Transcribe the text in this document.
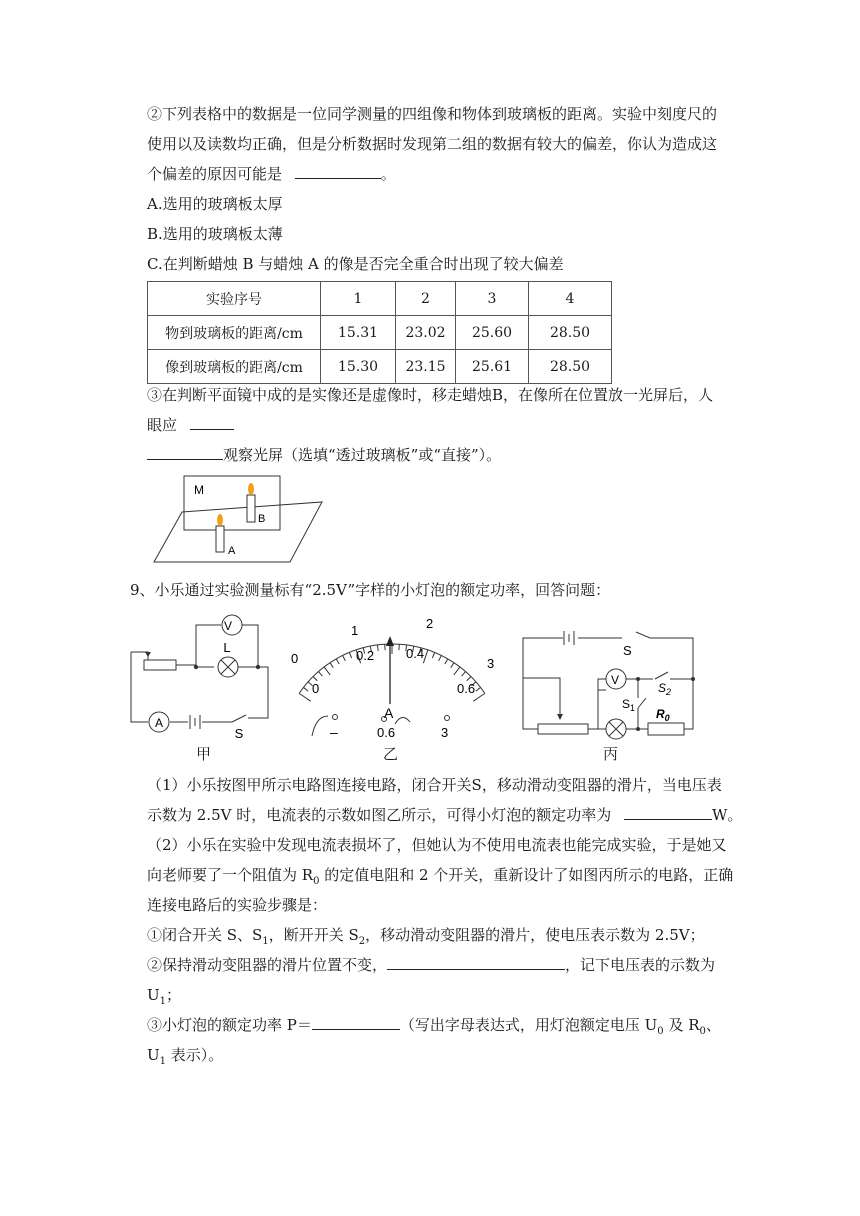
②下列表格中的数据是一位同学测量的四组像和物体到玻璃板的距离。实验中刻度尺的
使用以及读数均正确，但是分析数据时发现第二组的数据有较大的偏差，你认为造成这
个偏差的原因可能是	。
A.选用的玻璃板太厚
B.选用的玻璃板太薄
C.在判断蜡烛 B 与蜡烛 A 的像是否完全重合时出现了较大偏差
实验序号	1	2	3	4
物到玻璃板的距离/cm	15.31	23.02	25.60	28.50
像到玻璃板的距离/cm	15.30	23.15	25.61	28.50
③在判断平面镜中成的是实像还是虚像时，移走蜡烛B，在像所在位置放一光屏后，人
眼应
观察光屏（选填“透过玻璃板”或“直接”）。
M
B
A
9、小乐通过实验测量标有“2.5V”字样的小灯泡的额定功率，回答问题：
V
A
L
S
甲
0
1	2
3
0
0.2 0.4
0.6
A
–	0.6	3
乙
S
V
$S_2$
$S_1$ $R_0$
丙
（1）小乐按图甲所示电路图连接电路，闭合开关S，移动滑动变阻器的滑片，当电压表
示数为 2.5V 时，电流表的示数如图乙所示，可得小灯泡的额定功率为	W。
（2）小乐在实验中发现电流表损坏了，但她认为不使用电流表也能完成实验，于是她又
向老师要了一个阻值为 $R_0$ 的定值电阻和 2 个开关，重新设计了如图丙所示的电路，正确
连接电路后的实验步骤是：
①闭合开关 S、$S_1$，断开开关 $S_2$，移动滑动变阻器的滑片，使电压表示数为 2.5V；
②保持滑动变阻器的滑片位置不变，	，记下电压表的示数为
$U_1$；
③小灯泡的额定功率 P＝	（写出字母表达式，用灯泡额定电压 $U_0$ 及 $R_0$、
$U_1$ 表示）。
